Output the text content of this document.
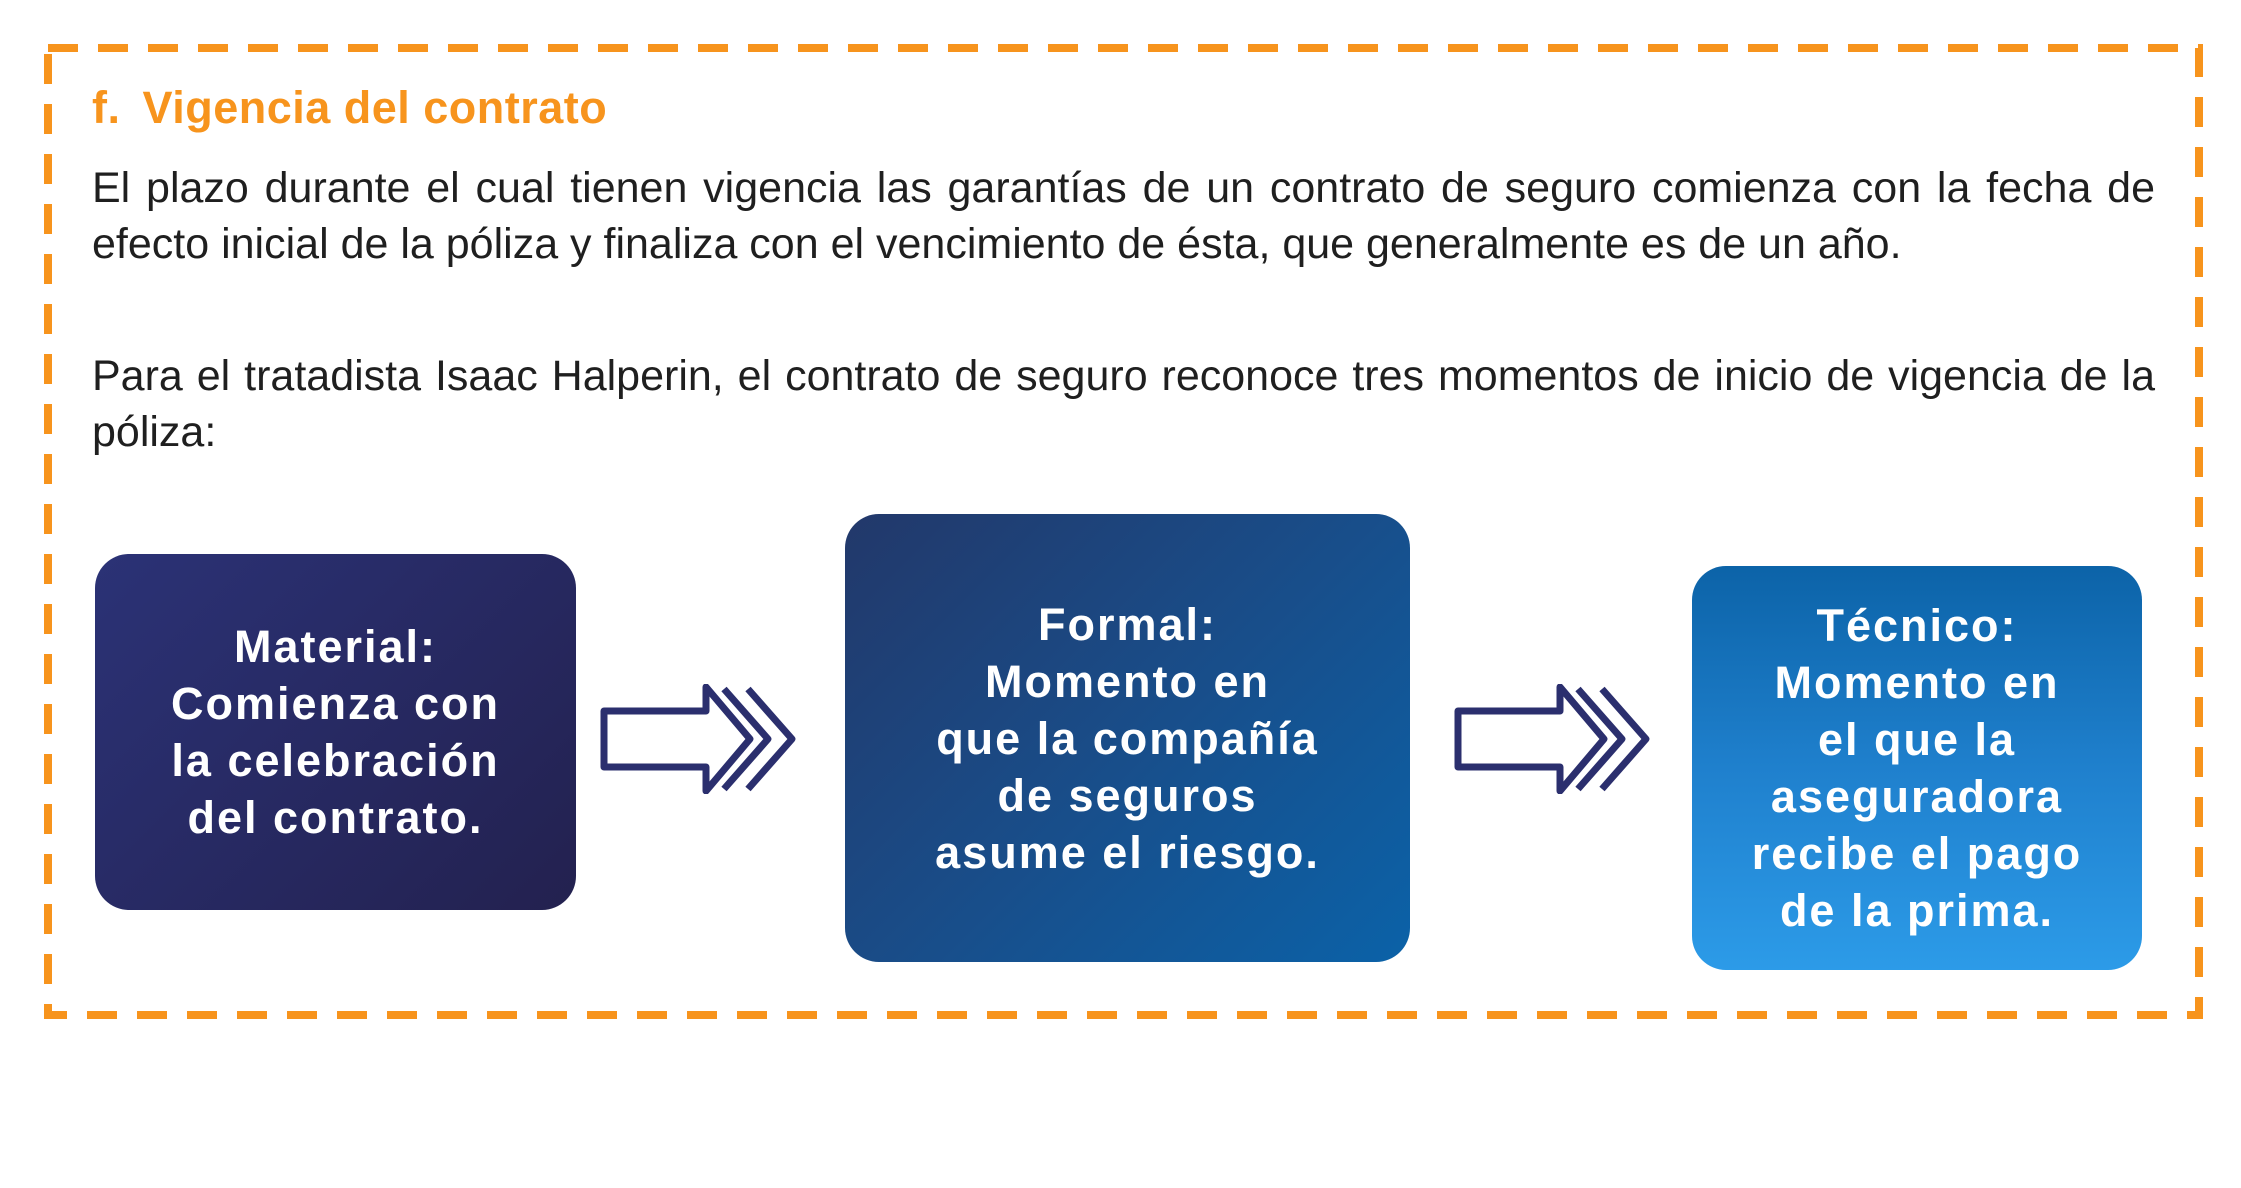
f. Vigencia del contrato

El plazo durante el cual tienen vigencia las garantías de un contrato de seguro comienza con la fecha de efecto inicial de la póliza y finaliza con el vencimiento de ésta, que generalmente es de un año.

Para el tratadista Isaac Halperin, el contrato de seguro reconoce tres momentos de inicio de vigencia de la póliza:

Material:
Comienza con
la celebración
del contrato.
Formal:
Momento en
que la compañía
de seguros
asume el riesgo.
Técnico:
Momento en
el que la
aseguradora
recibe el pago
de la prima.
